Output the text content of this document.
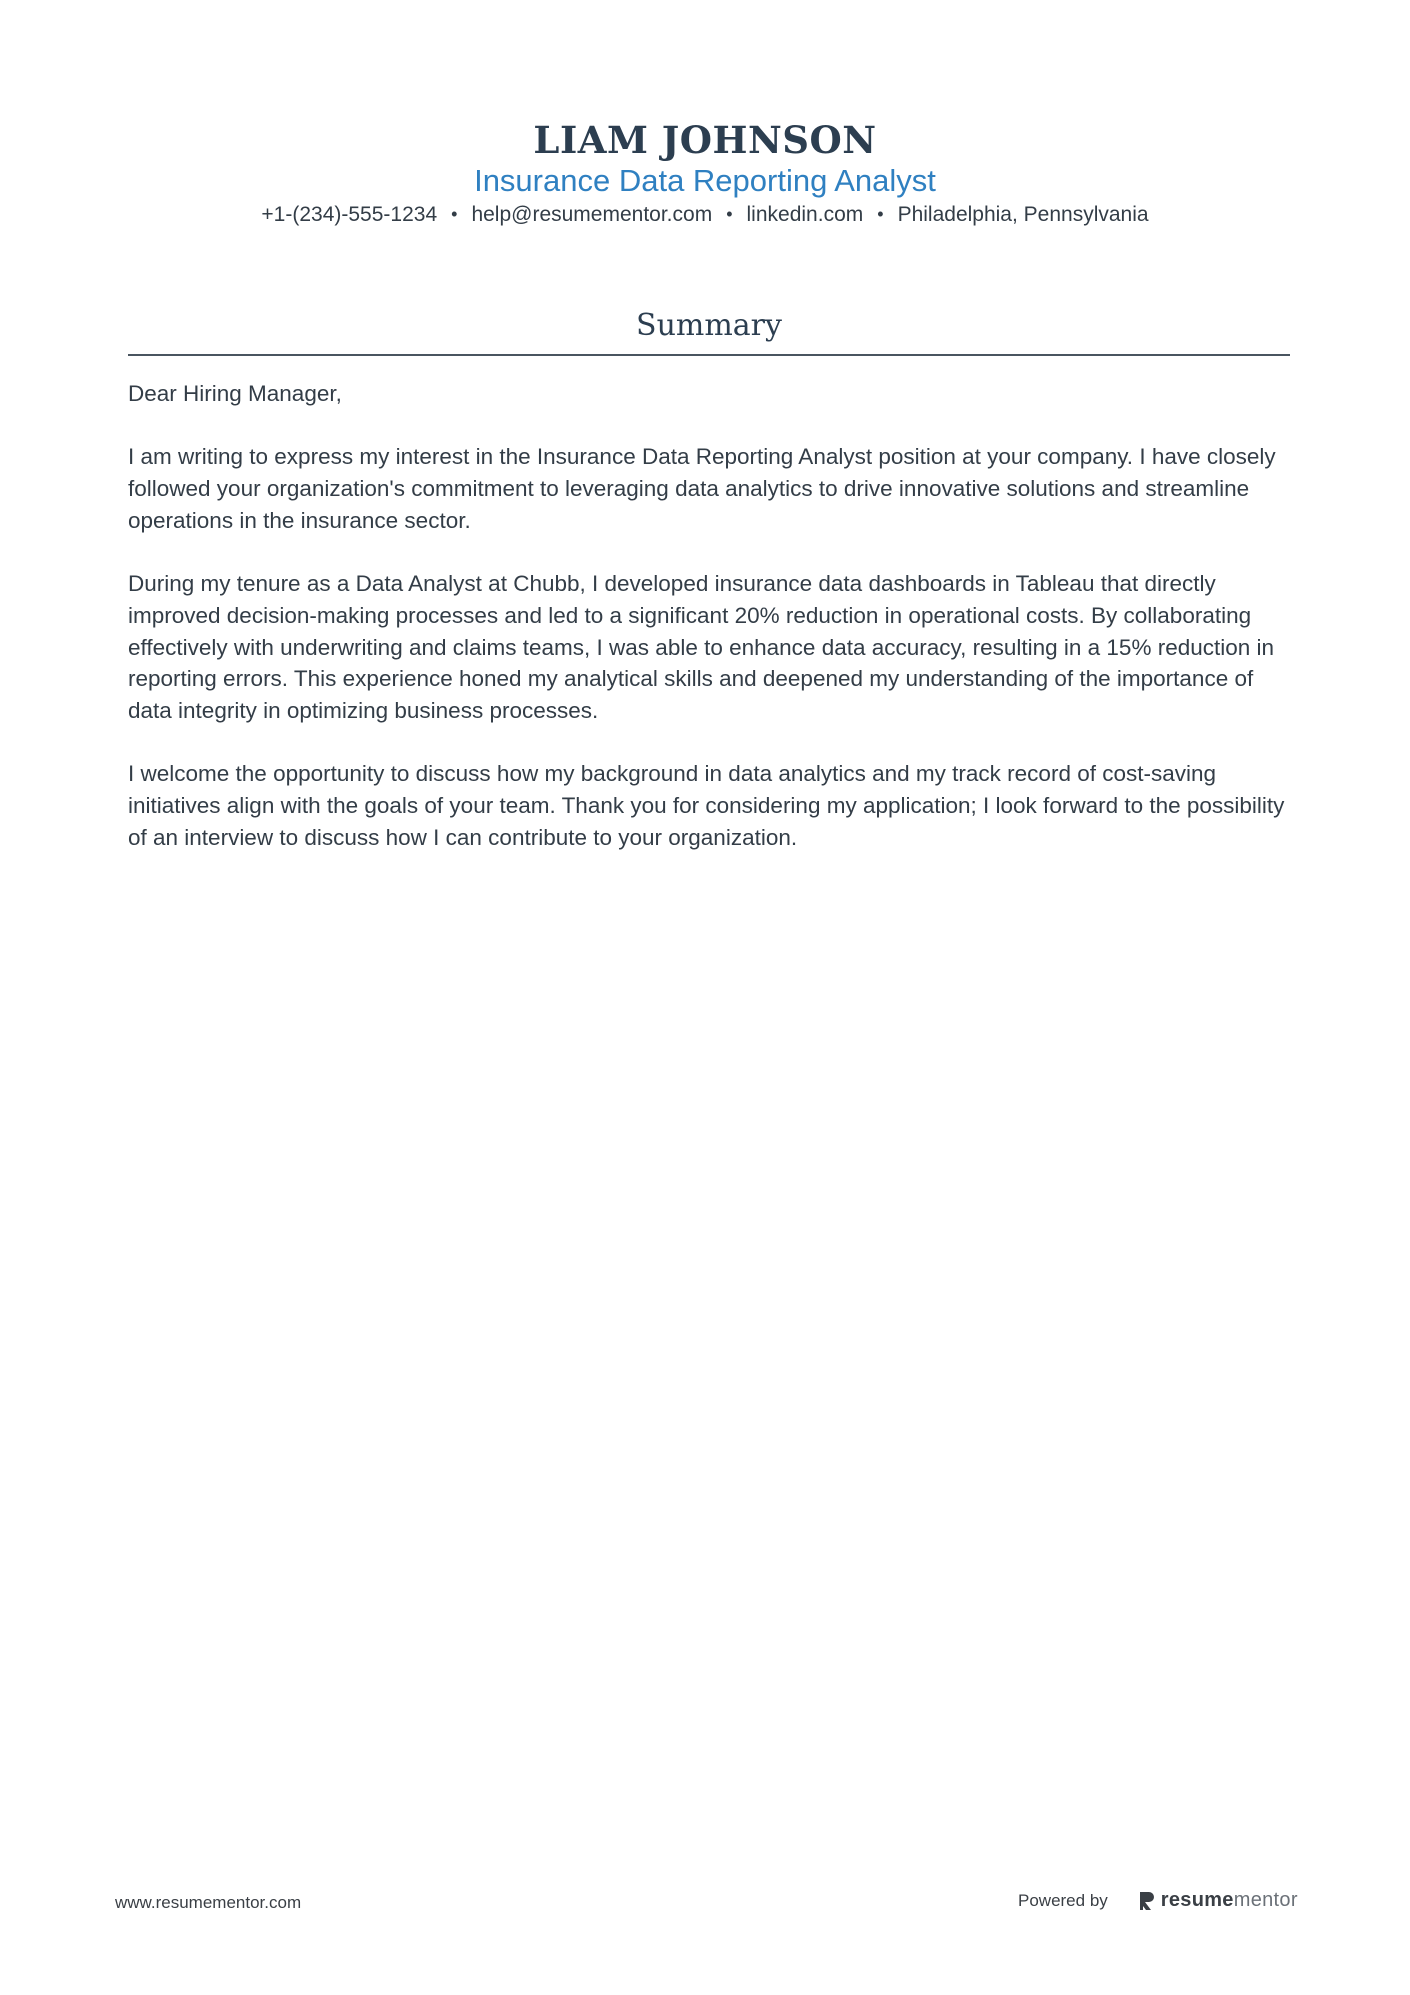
LIAM JOHNSON
Insurance Data Reporting Analyst
+1-(234)-555-1234 • help@resumementor.com • linkedin.com • Philadelphia, Pennsylvania
Summary

Dear Hiring Manager,

I am writing to express my interest in the Insurance Data Reporting Analyst position at your company. I have closely followed your organization's commitment to leveraging data analytics to drive innovative solutions and streamline operations in the insurance sector.

During my tenure as a Data Analyst at Chubb, I developed insurance data dashboards in Tableau that directly improved decision-making processes and led to a significant 20% reduction in operational costs. By collaborating effectively with underwriting and claims teams, I was able to enhance data accuracy, resulting in a 15% reduction in reporting errors. This experience honed my analytical skills and deepened my understanding of the importance of data integrity in optimizing business processes.

I welcome the opportunity to discuss how my background in data analytics and my track record of cost-saving initiatives align with the goals of your team. Thank you for considering my application; I look forward to the possibility of an interview to discuss how I can contribute to your organization.

www.resumementor.com	Powered by	resume mentor
